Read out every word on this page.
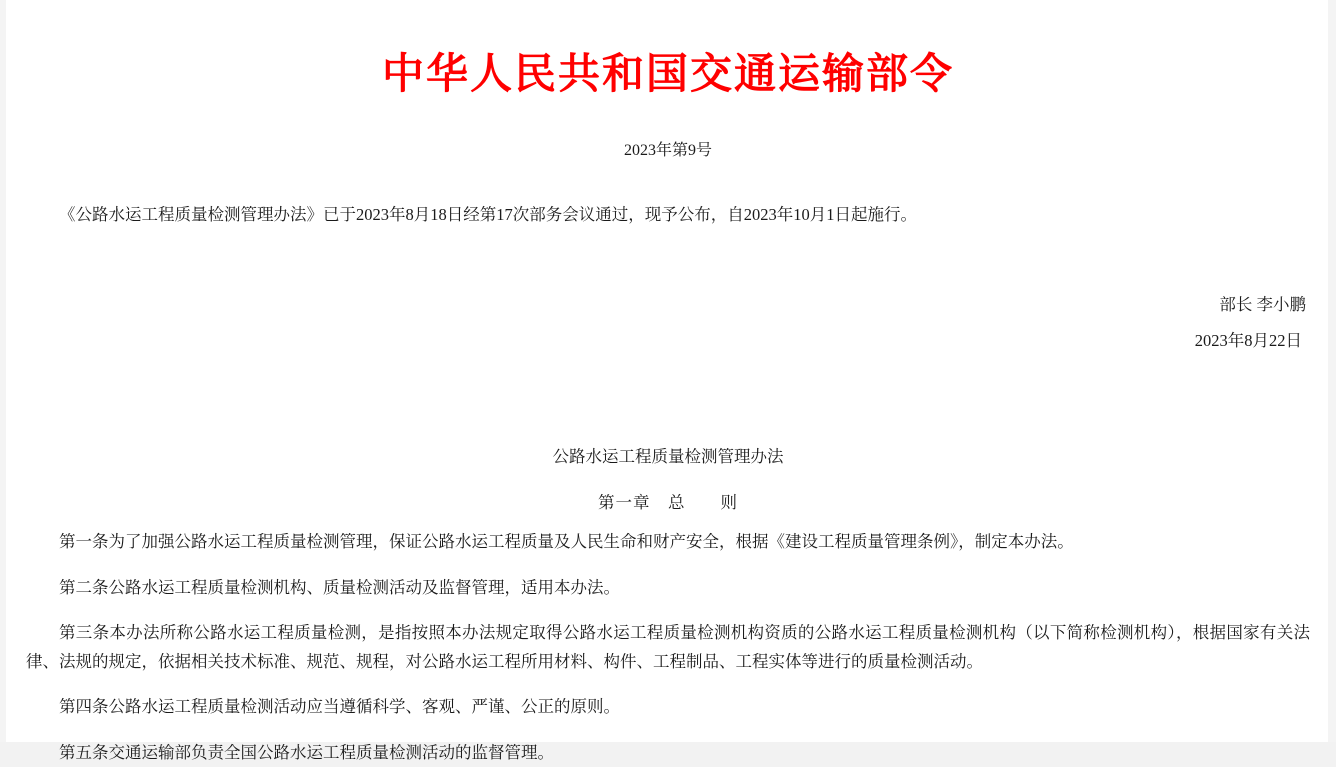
中华人民共和国交通运输部令
2023年第9号

《公路水运工程质量检测管理办法》已于2023年8月18日经第17次部务会议通过，现予公布，自2023年10月1日起施行。

部长 李小鹏
2023年8月22日
公路水运工程质量检测管理办法
第一章　总　　则

第一条为了加强公路水运工程质量检测管理，保证公路水运工程质量及人民生命和财产安全，根据《建设工程质量管理条例》，制定本办法。

第二条公路水运工程质量检测机构、质量检测活动及监督管理，适用本办法。

第三条本办法所称公路水运工程质量检测，是指按照本办法规定取得公路水运工程质量检测机构资质的公路水运工程质量检测机构（以下简称检测机构），根据国家有关法律、法规的规定，依据相关技术标准、规范、规程，对公路水运工程所用材料、构件、工程制品、工程实体等进行的质量检测活动。

第四条公路水运工程质量检测活动应当遵循科学、客观、严谨、公正的原则。

第五条交通运输部负责全国公路水运工程质量检测活动的监督管理。
